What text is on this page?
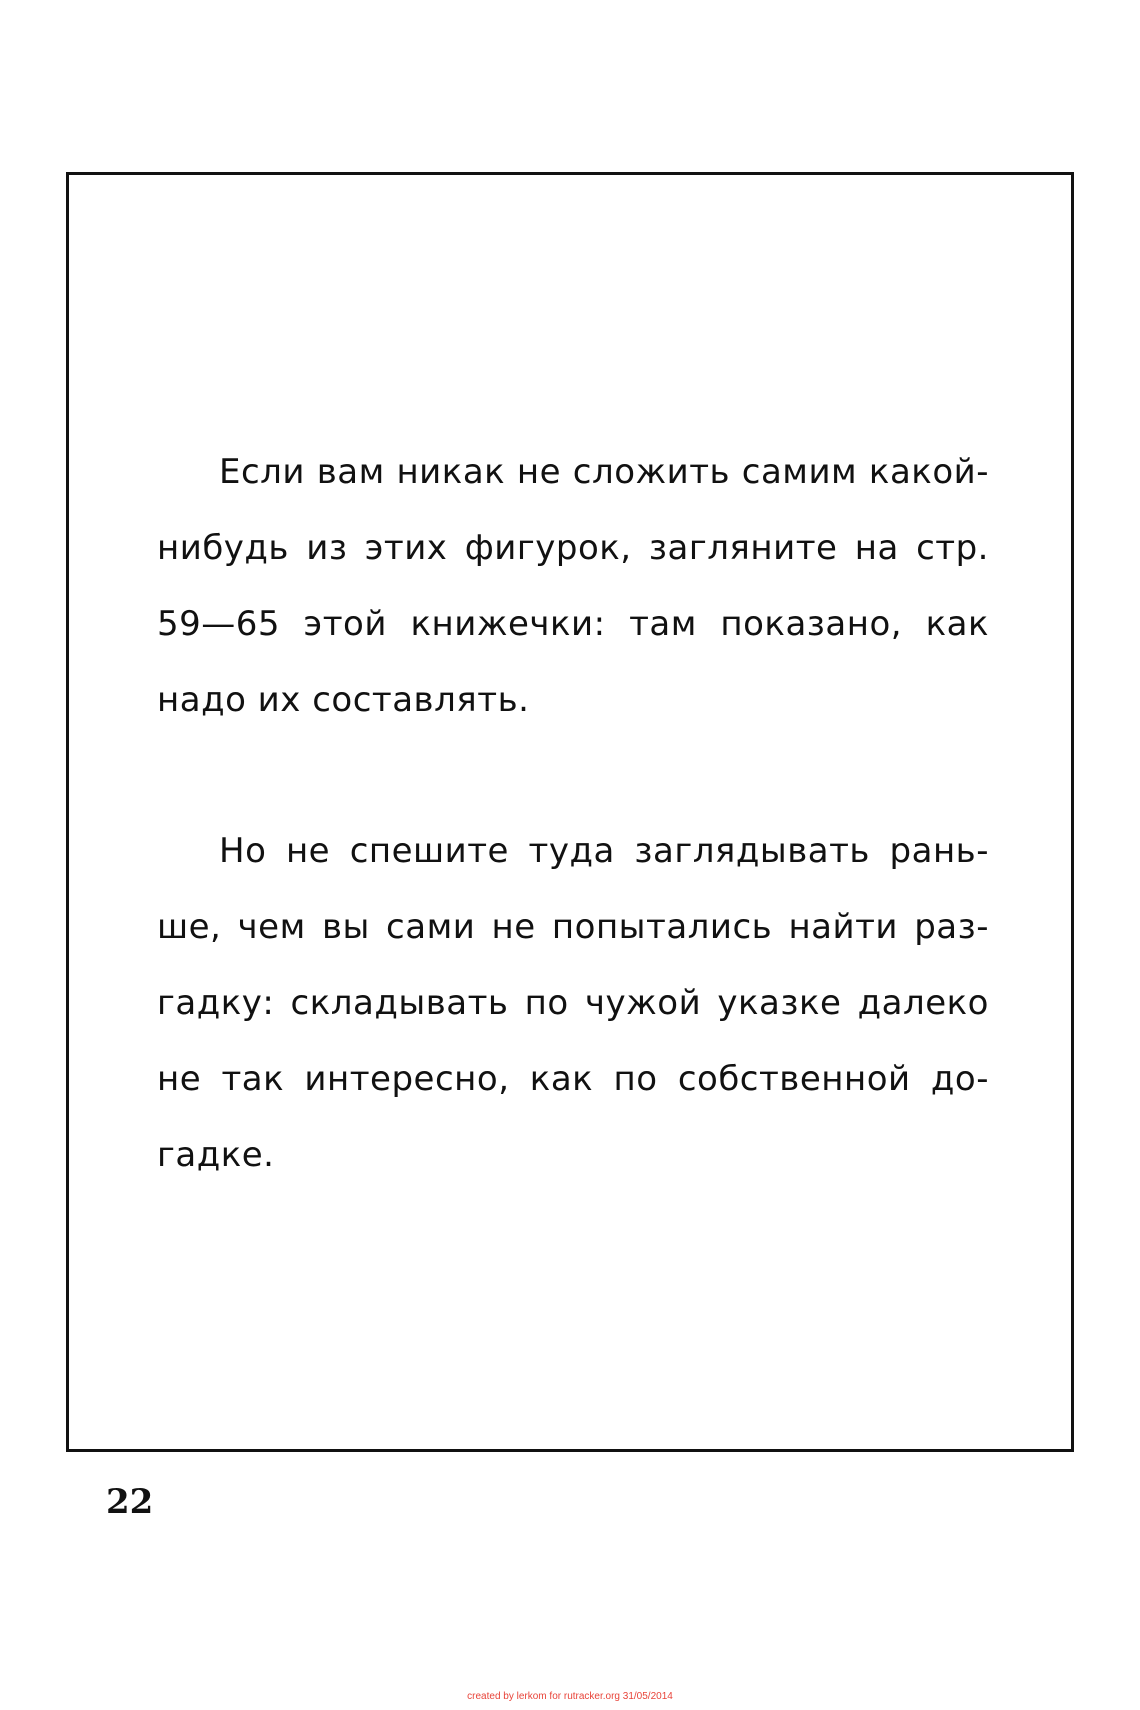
Если вам никак не сложить самим какой-
нибудь из этих фигурок, загляните на стр.
59—65 этой книжечки: там показано, как
надо их составлять.

Но не спешите туда заглядывать рань-
ше, чем вы сами не попытались найти раз-
гадку: складывать по чужой указке далеко
не так интересно, как по собственной до-
гадке.

22
created by lerkom for rutracker.org 31/05/2014
